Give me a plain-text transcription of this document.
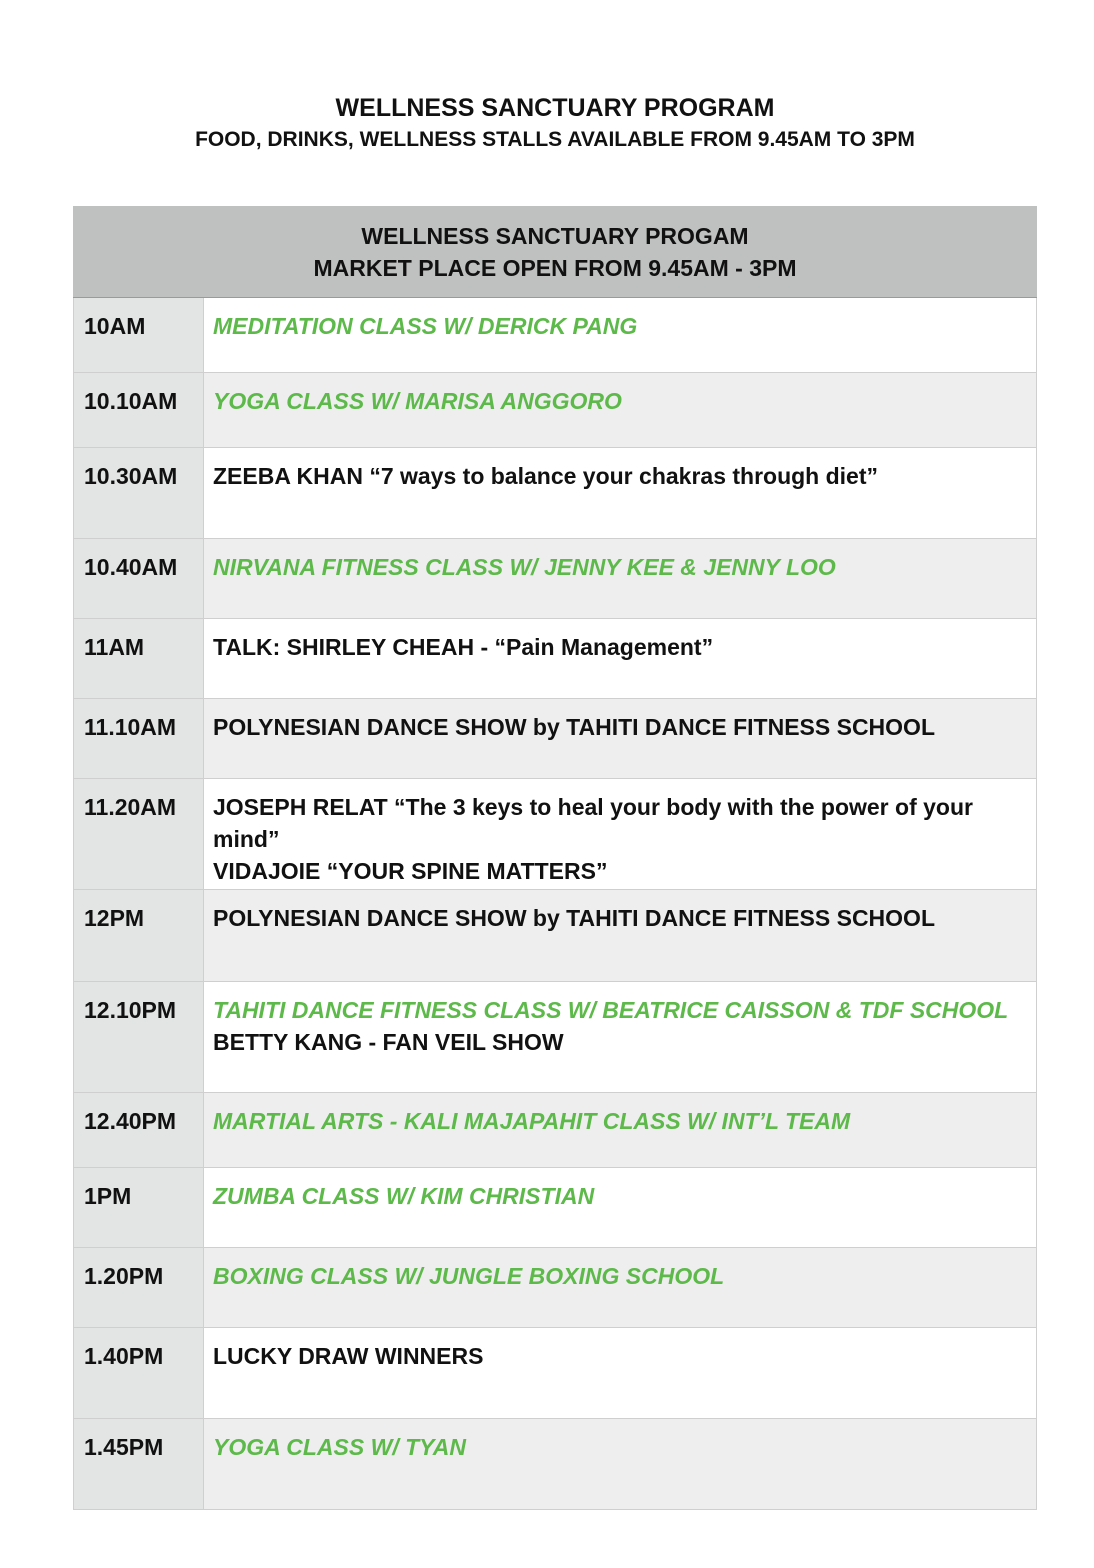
WELLNESS SANCTUARY PROGRAM
FOOD, DRINKS, WELLNESS STALLS AVAILABLE FROM 9.45AM TO 3PM
WELLNESS SANCTUARY PROGAM
MARKET PLACE OPEN FROM 9.45AM - 3PM	

10AM	MEDITATION CLASS W/ DERICK PANG

10.10AM	YOGA CLASS W/ MARISA ANGGORO

10.30AM	ZEEBA KHAN “7 ways to balance your chakras through diet”

10.40AM	NIRVANA FITNESS CLASS W/ JENNY KEE & JENNY LOO

11AM	TALK: SHIRLEY CHEAH - “Pain Management”

11.10AM	POLYNESIAN DANCE SHOW by TAHITI DANCE FITNESS SCHOOL

11.20AM	JOSEPH RELAT “The 3 keys to heal your body with the power of your mind”
VIDAJOIE “YOUR SPINE MATTERS”

12PM	POLYNESIAN DANCE SHOW by TAHITI DANCE FITNESS SCHOOL

12.10PM	TAHITI DANCE FITNESS CLASS W/ BEATRICE CAISSON & TDF SCHOOL
BETTY KANG - FAN VEIL SHOW

12.40PM	MARTIAL ARTS - KALI MAJAPAHIT CLASS W/ INT’L TEAM

1PM	ZUMBA CLASS W/ KIM CHRISTIAN

1.20PM	BOXING CLASS W/ JUNGLE BOXING SCHOOL

1.40PM	LUCKY DRAW WINNERS

1.45PM	YOGA CLASS W/ TYAN
